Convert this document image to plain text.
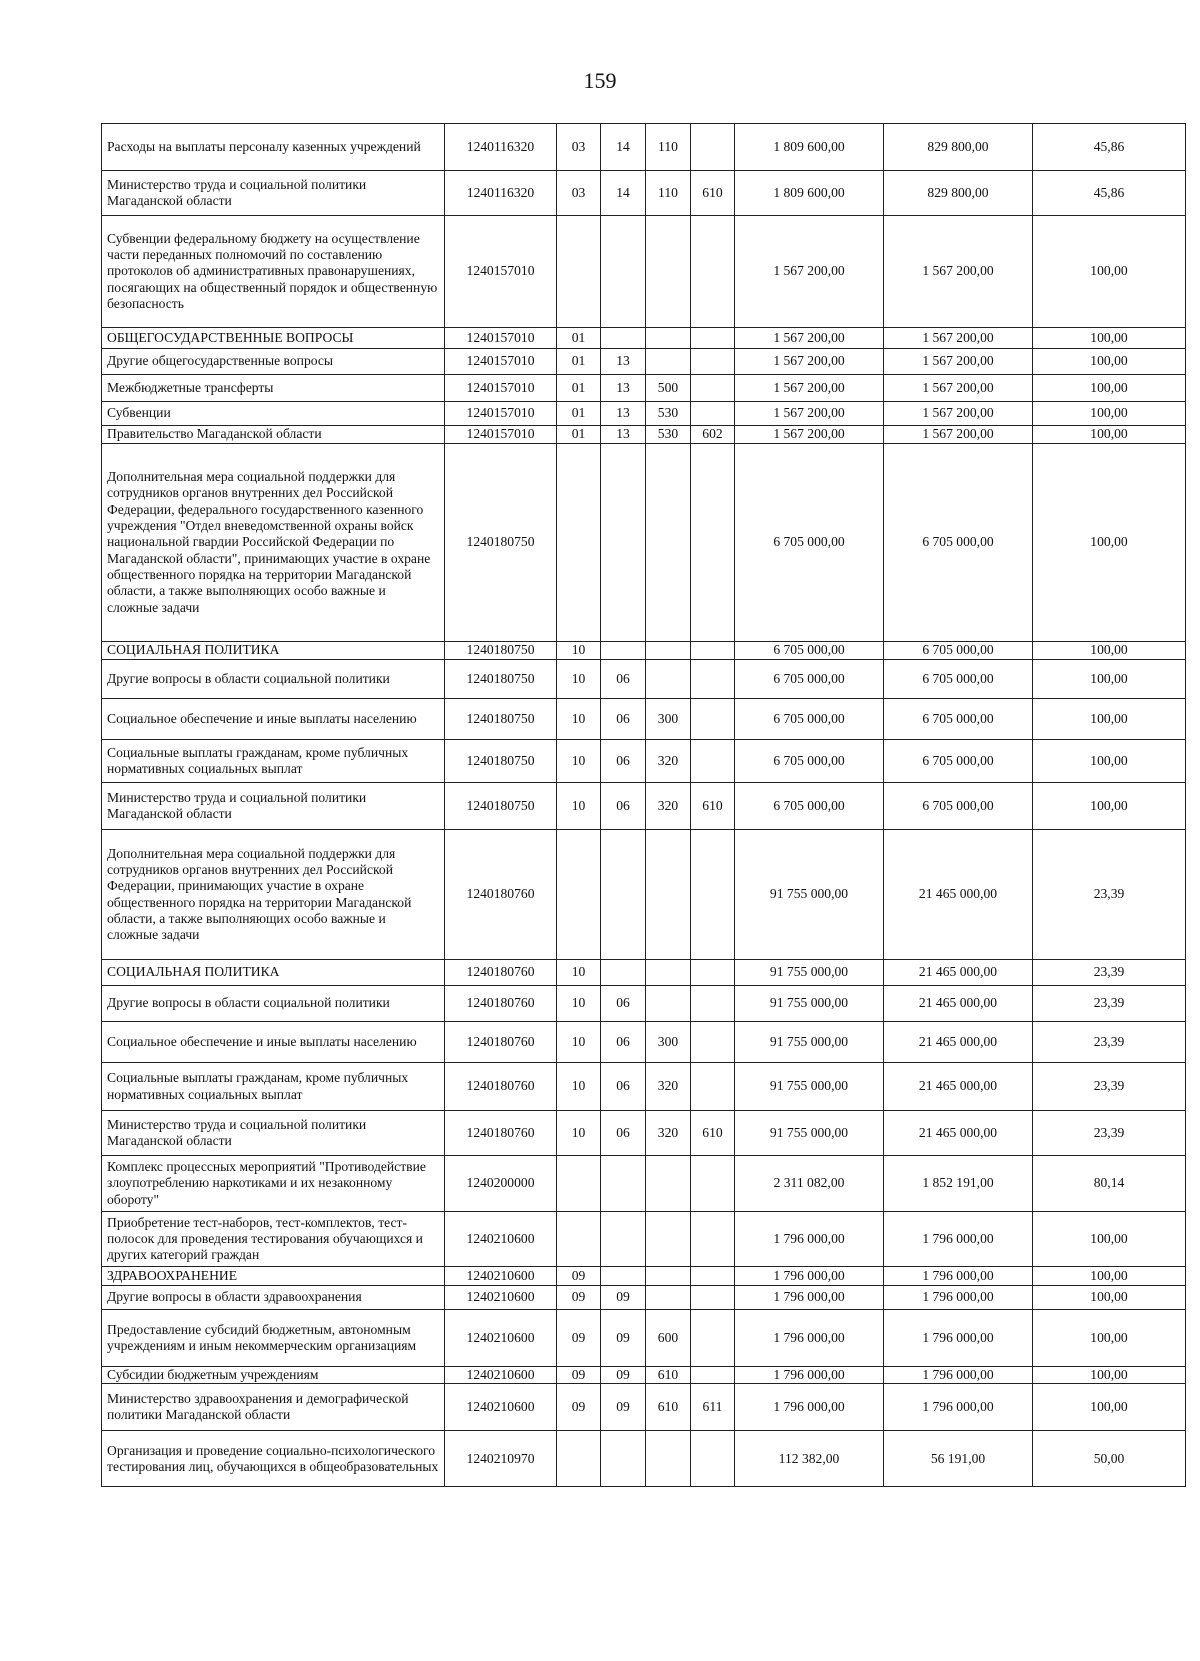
159
Расходы на выплаты персоналу казенных учреждений	1240116320	03	14	110		1 809 600,00	829 800,00	45,86
Министерство труда и социальной политики Магаданской области	1240116320	03	14	110	610	1 809 600,00	829 800,00	45,86
Субвенции федеральному бюджету на осуществление части переданных полномочий по составлению протоколов об административных правонарушениях, посягающих на общественный порядок и общественную безопасность	1240157010					1 567 200,00	1 567 200,00	100,00
ОБЩЕГОСУДАРСТВЕННЫЕ ВОПРОСЫ	1240157010	01				1 567 200,00	1 567 200,00	100,00
Другие общегосударственные вопросы	1240157010	01	13			1 567 200,00	1 567 200,00	100,00
Межбюджетные трансферты	1240157010	01	13	500		1 567 200,00	1 567 200,00	100,00
Субвенции	1240157010	01	13	530		1 567 200,00	1 567 200,00	100,00
Правительство Магаданской области	1240157010	01	13	530	602	1 567 200,00	1 567 200,00	100,00
Дополнительная мера социальной поддержки для сотрудников органов внутренних дел Российской Федерации, федерального государственного казенного учреждения "Отдел вневедомственной охраны войск национальной гвардии Российской Федерации по Магаданской области", принимающих участие в охране общественного порядка на территории Магаданской области, а также выполняющих особо важные и сложные задачи	1240180750					6 705 000,00	6 705 000,00	100,00
СОЦИАЛЬНАЯ ПОЛИТИКА	1240180750	10				6 705 000,00	6 705 000,00	100,00
Другие вопросы в области социальной политики	1240180750	10	06			6 705 000,00	6 705 000,00	100,00
Социальное обеспечение и иные выплаты населению	1240180750	10	06	300		6 705 000,00	6 705 000,00	100,00
Социальные выплаты гражданам, кроме публичных нормативных социальных выплат	1240180750	10	06	320		6 705 000,00	6 705 000,00	100,00
Министерство труда и социальной политики Магаданской области	1240180750	10	06	320	610	6 705 000,00	6 705 000,00	100,00
Дополнительная мера социальной поддержки для сотрудников органов внутренних дел Российской Федерации, принимающих участие в охране общественного порядка на территории Магаданской области, а также выполняющих особо важные и сложные задачи	1240180760					91 755 000,00	21 465 000,00	23,39
СОЦИАЛЬНАЯ ПОЛИТИКА	1240180760	10				91 755 000,00	21 465 000,00	23,39
Другие вопросы в области социальной политики	1240180760	10	06			91 755 000,00	21 465 000,00	23,39
Социальное обеспечение и иные выплаты населению	1240180760	10	06	300		91 755 000,00	21 465 000,00	23,39
Социальные выплаты гражданам, кроме публичных нормативных социальных выплат	1240180760	10	06	320		91 755 000,00	21 465 000,00	23,39
Министерство труда и социальной политики Магаданской области	1240180760	10	06	320	610	91 755 000,00	21 465 000,00	23,39
Комплекс процессных мероприятий "Противодействие злоупотреблению наркотиками и их незаконному обороту"	1240200000					2 311 082,00	1 852 191,00	80,14
Приобретение тест-наборов, тест-комплектов, тест-полосок для проведения тестирования обучающихся и других категорий граждан	1240210600					1 796 000,00	1 796 000,00	100,00
ЗДРАВООХРАНЕНИЕ	1240210600	09				1 796 000,00	1 796 000,00	100,00
Другие вопросы в области здравоохранения	1240210600	09	09			1 796 000,00	1 796 000,00	100,00
Предоставление субсидий бюджетным, автономным учреждениям и иным некоммерческим организациям	1240210600	09	09	600		1 796 000,00	1 796 000,00	100,00
Субсидии бюджетным учреждениям	1240210600	09	09	610		1 796 000,00	1 796 000,00	100,00
Министерство здравоохранения и демографической политики Магаданской области	1240210600	09	09	610	611	1 796 000,00	1 796 000,00	100,00
Организация и проведение социально-психологического тестирования лиц, обучающихся в общеобразовательных	1240210970					112 382,00	56 191,00	50,00
